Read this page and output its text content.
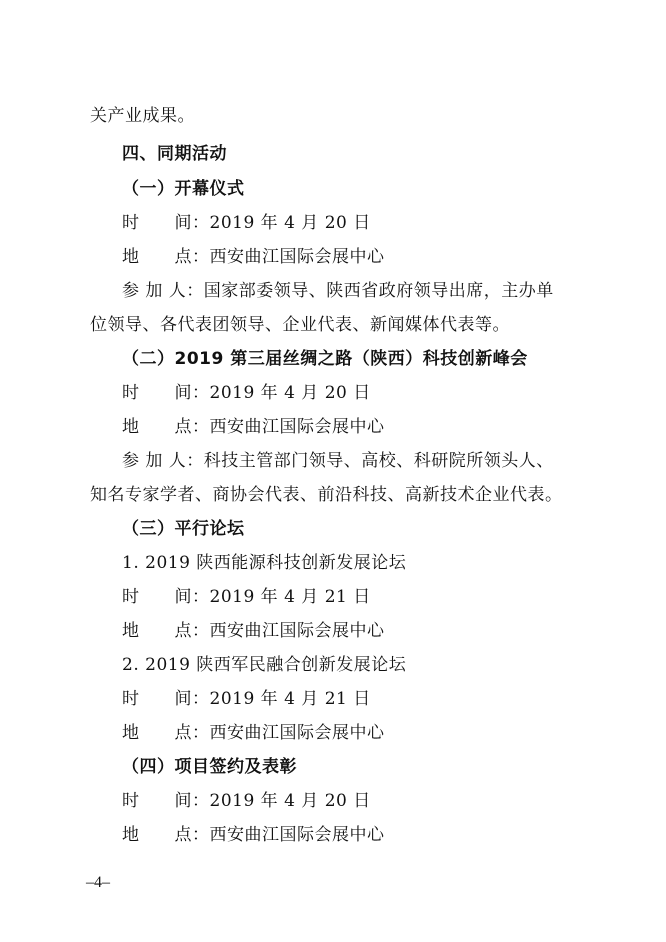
关产业成果。
四、同期活动
（一）开幕仪式
时　　间：2019 年 4 月 20 日
地　　点：西安曲江国际会展中心
参 加 人：国家部委领导、陕西省政府领导出席，主办单
位领导、各代表团领导、企业代表、新闻媒体代表等。
（二）2019 第三届丝绸之路（陕西）科技创新峰会
时　　间：2019 年 4 月 20 日
地　　点：西安曲江国际会展中心
参 加 人：科技主管部门领导、高校、科研院所领头人、
知名专家学者、商协会代表、前沿科技、高新技术企业代表。
（三）平行论坛
1. 2019 陕西能源科技创新发展论坛
时　　间：2019 年 4 月 21 日
地　　点：西安曲江国际会展中心
2. 2019 陕西军民融合创新发展论坛
时　　间：2019 年 4 月 21 日
地　　点：西安曲江国际会展中心
（四）项目签约及表彰
时　　间：2019 年 4 月 20 日
地　　点：西安曲江国际会展中心
–4–
